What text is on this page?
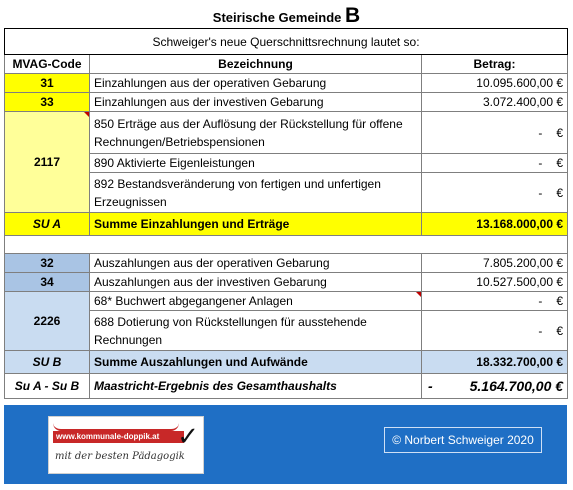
Steirische Gemeinde B
Schweiger's neue Querschnittsrechnung lautet so:		
MVAG-Code	Bezeichnung	Betrag:
31	Einzahlungen aus der operativen Gebarung	10.095.600,00 €
33	Einzahlungen aus der investiven Gebarung	3.072.400,00 €
2117	850 Erträge aus der Auflösung der Rückstellung für offene Rechnungen/Betriebspensionen	- €
	890 Aktivierte Eigenleistungen	- €
	892 Bestandsveränderung von fertigen und unfertigen Erzeugnissen	- €
SU A	Summe Einzahlungen und Erträge	13.168.000,00 €

32	Auszahlungen aus der operativen Gebarung	7.805.200,00 €
34	Auszahlungen aus der investiven Gebarung	10.527.500,00 €
2226	68* Buchwert abgegangener Anlagen	- €
	688 Dotierung von Rückstellungen für ausstehende Rechnungen	- €
SU B	Summe Auszahlungen und Aufwände	18.332.700,00 €
Su A - Su B	Maastricht-Ergebnis des Gesamthaushalts	- 5.164.700,00 €
www.kommunale-doppik.at ✓
mit der besten Pädagogik
© Norbert Schweiger 2020
